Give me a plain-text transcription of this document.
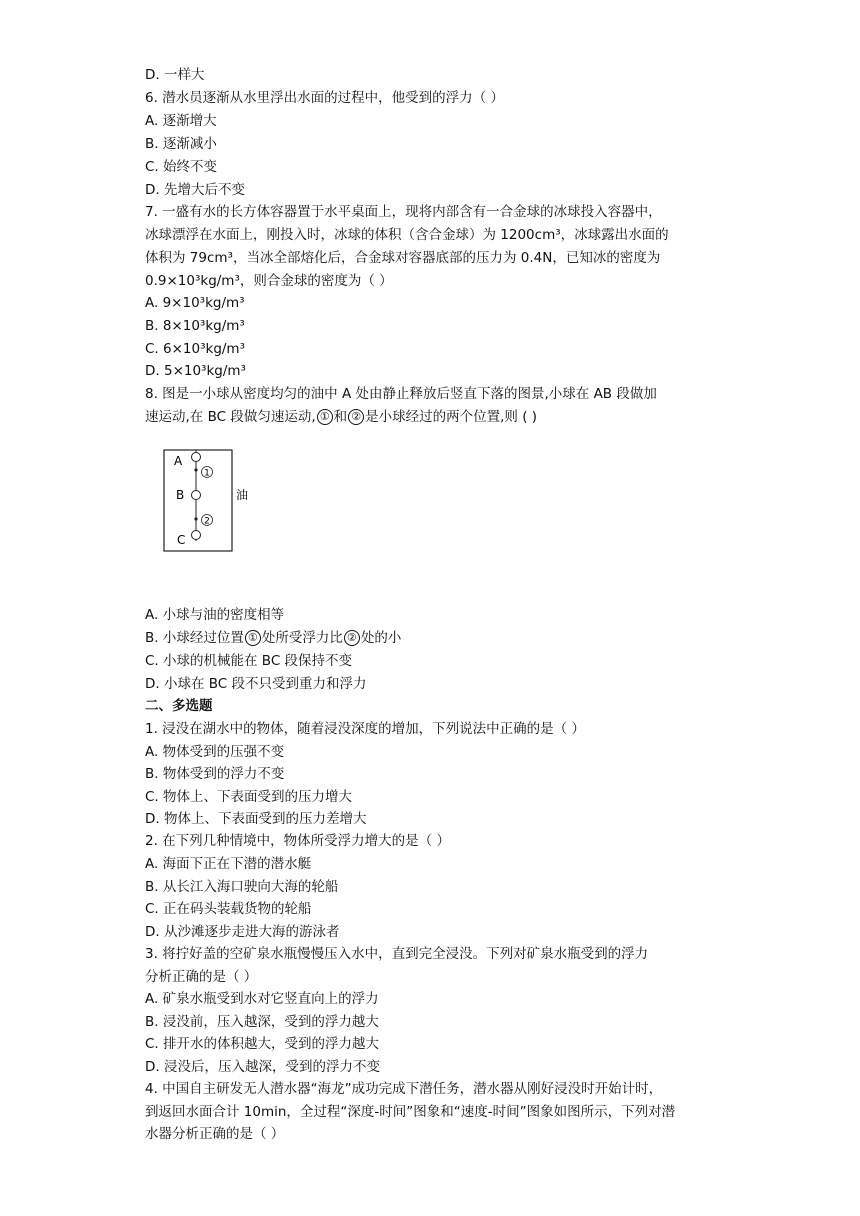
D. 一样大
6. 潜水员逐渐从水里浮出水面的过程中，他受到的浮力（ ）
A. 逐渐增大
B. 逐渐减小
C. 始终不变
D. 先增大后不变
7. 一盛有水的长方体容器置于水平桌面上，现将内部含有一合金球的冰球投入容器中，
冰球漂浮在水面上，刚投入时，冰球的体积（含合金球）为 1200cm³，冰球露出水面的
体积为 79cm³，当冰全部熔化后，合金球对容器底部的压力为 0.4N，已知冰的密度为
0.9×10³kg/m³，则合金球的密度为（ ）
A. 9×10³kg/m³
B. 8×10³kg/m³
C. 6×10³kg/m³
D. 5×10³kg/m³
8. 图是一小球从密度均匀的油中 A 处由静止释放后竖直下落的图景,小球在 AB 段做加
速运动,在 BC 段做匀速运动, ① 和 ② 是小球经过的两个位置,则 ( )
A
B
C
1
2
油
A. 小球与油的密度相等
B. 小球经过位置 ① 处所受浮力比 ② 处的小
C. 小球的机械能在 BC 段保持不变
D. 小球在 BC 段不只受到重力和浮力
二、多选题
1. 浸没在湖水中的物体，随着浸没深度的增加，下列说法中正确的是（ ）
A. 物体受到的压强不变
B. 物体受到的浮力不变
C. 物体上、下表面受到的压力增大
D. 物体上、下表面受到的压力差增大
2. 在下列几种情境中，物体所受浮力增大的是（ ）
A. 海面下正在下潜的潜水艇
B. 从长江入海口驶向大海的轮船
C. 正在码头装载货物的轮船
D. 从沙滩逐步走进大海的游泳者
3. 将拧好盖的空矿泉水瓶慢慢压入水中，直到完全浸没。下列对矿泉水瓶受到的浮力
分析正确的是（ ）
A. 矿泉水瓶受到水对它竖直向上的浮力
B. 浸没前，压入越深，受到的浮力越大
C. 排开水的体积越大，受到的浮力越大
D. 浸没后，压入越深，受到的浮力不变
4. 中国自主研发无人潜水器“海龙”成功完成下潜任务，潜水器从刚好浸没时开始计时，
到返回水面合计 10min，全过程“深度-时间”图象和“速度-时间”图象如图所示，下列对潜
水器分析正确的是（ ）
